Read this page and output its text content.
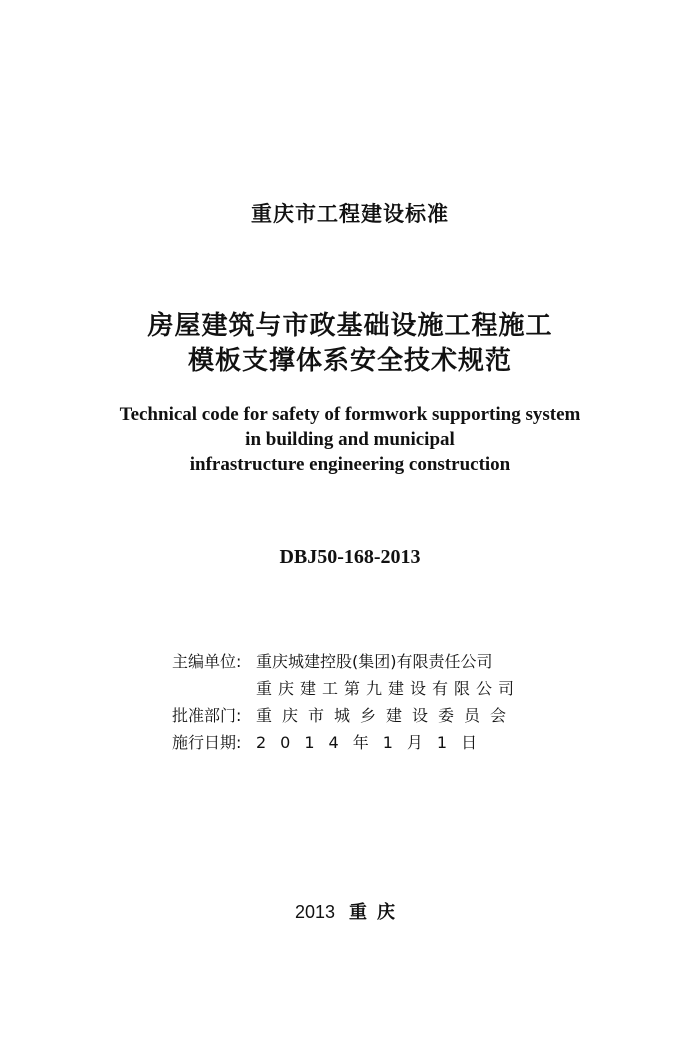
重庆市工程建设标准
房屋建筑与市政基础设施工程施工
模板支撑体系安全技术规范
Technical code for safety of formwork supporting system
in building and municipal
infrastructure engineering construction
DBJ50-168-2013
主编单位: 重庆城建控股(集团)有限责任公司
重庆建工第九建设有限公司
批准部门: 重庆市城乡建设委员会
施行日期: 2014年1月1日
2013 重庆
